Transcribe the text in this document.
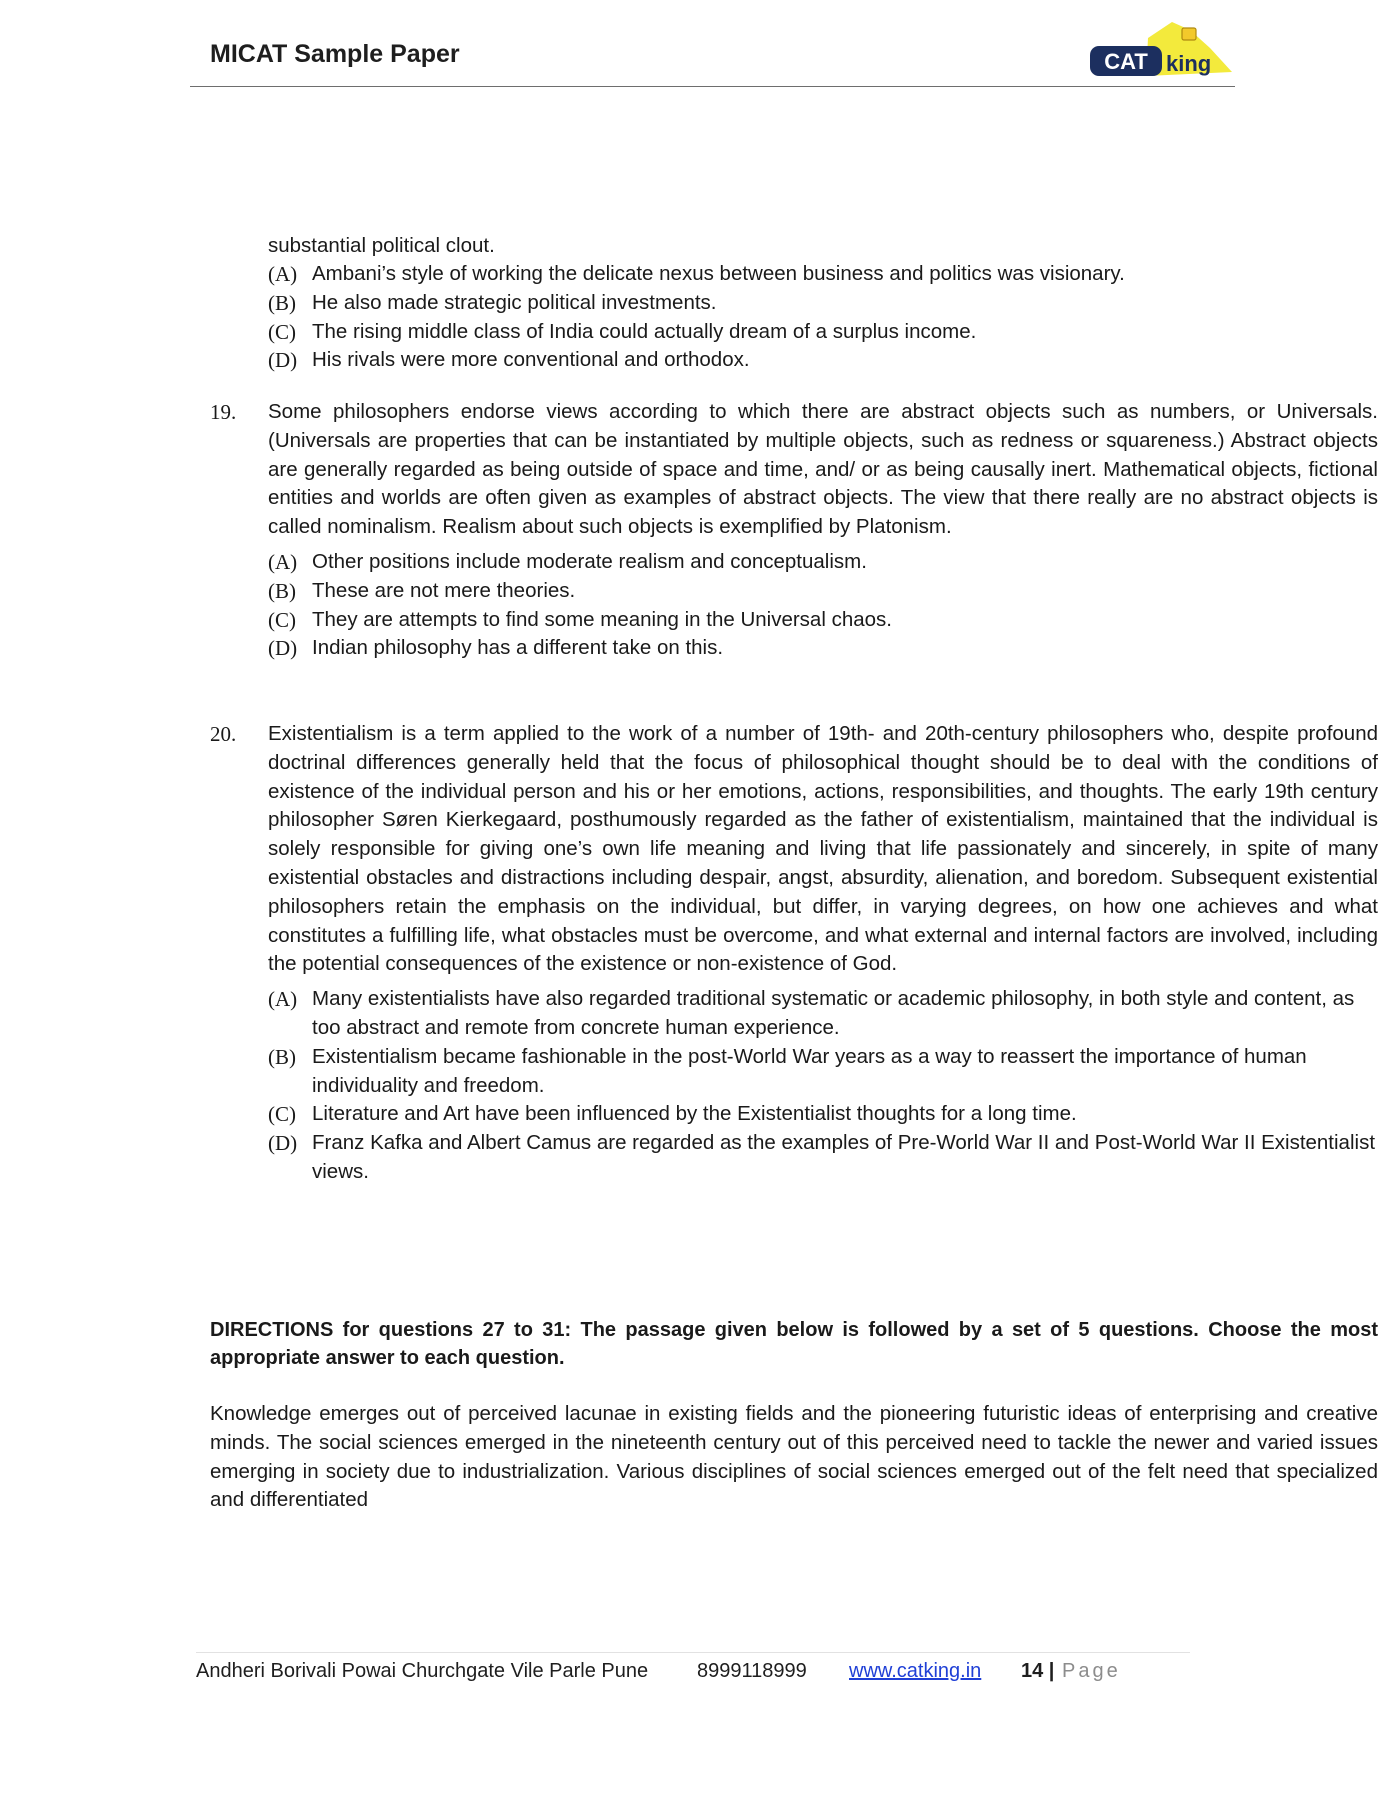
MICAT Sample Paper	CAT king
substantial political clout.
(A) Ambani’s style of working the delicate nexus between business and politics was visionary.
(B) He also made strategic political investments.
(C) The rising middle class of India could actually dream of a surplus income.
(D) His rivals were more conventional and orthodox.
19.	Some philosophers endorse views according to which there are abstract objects such as numbers, or Universals. (Universals are properties that can be instantiated by multiple objects, such as redness or squareness.) Abstract objects are generally regarded as being outside of space and time, and/ or as being causally inert. Mathematical objects, fictional entities and worlds are often given as examples of abstract objects. The view that there really are no abstract objects is called nominalism. Realism about such objects is exemplified by Platonism.
(A) Other positions include moderate realism and conceptualism.
(B) These are not mere theories.
(C) They are attempts to find some meaning in the Universal chaos.
(D) Indian philosophy has a different take on this.
20.	Existentialism is a term applied to the work of a number of 19th- and 20th-century philosophers who, despite profound doctrinal differences generally held that the focus of philosophical thought should be to deal with the conditions of existence of the individual person and his or her emotions, actions, responsibilities, and thoughts. The early 19th century philosopher Søren Kierkegaard, posthumously regarded as the father of existentialism, maintained that the individual is solely responsible for giving one’s own life meaning and living that life passionately and sincerely, in spite of many existential obstacles and distractions including despair, angst, absurdity, alienation, and boredom. Subsequent existential philosophers retain the emphasis on the individual, but differ, in varying degrees, on how one achieves and what constitutes a fulfilling life, what obstacles must be overcome, and what external and internal factors are involved, including the potential consequences of the existence or non-existence of God.
(A) Many existentialists have also regarded traditional systematic or academic philosophy, in both style and content, as too abstract and remote from concrete human experience.
(B) Existentialism became fashionable in the post-World War years as a way to reassert the importance of human individuality and freedom.
(C) Literature and Art have been influenced by the Existentialist thoughts for a long time.
(D) Franz Kafka and Albert Camus are regarded as the examples of Pre-World War II and Post-World War II Existentialist views.
DIRECTIONS for questions 27 to 31: The passage given below is followed by a set of 5 questions. Choose the most appropriate answer to each question.
Knowledge emerges out of perceived lacunae in existing fields and the pioneering futuristic ideas of enterprising and creative minds. The social sciences emerged in the nineteenth century out of this perceived need to tackle the newer and varied issues emerging in society due to industrialization. Various disciplines of social sciences emerged out of the felt need that specialized and differentiated
Andheri Borivali Powai Churchgate Vile Parle Pune 8999118999 www.catking.in 14 | Page
